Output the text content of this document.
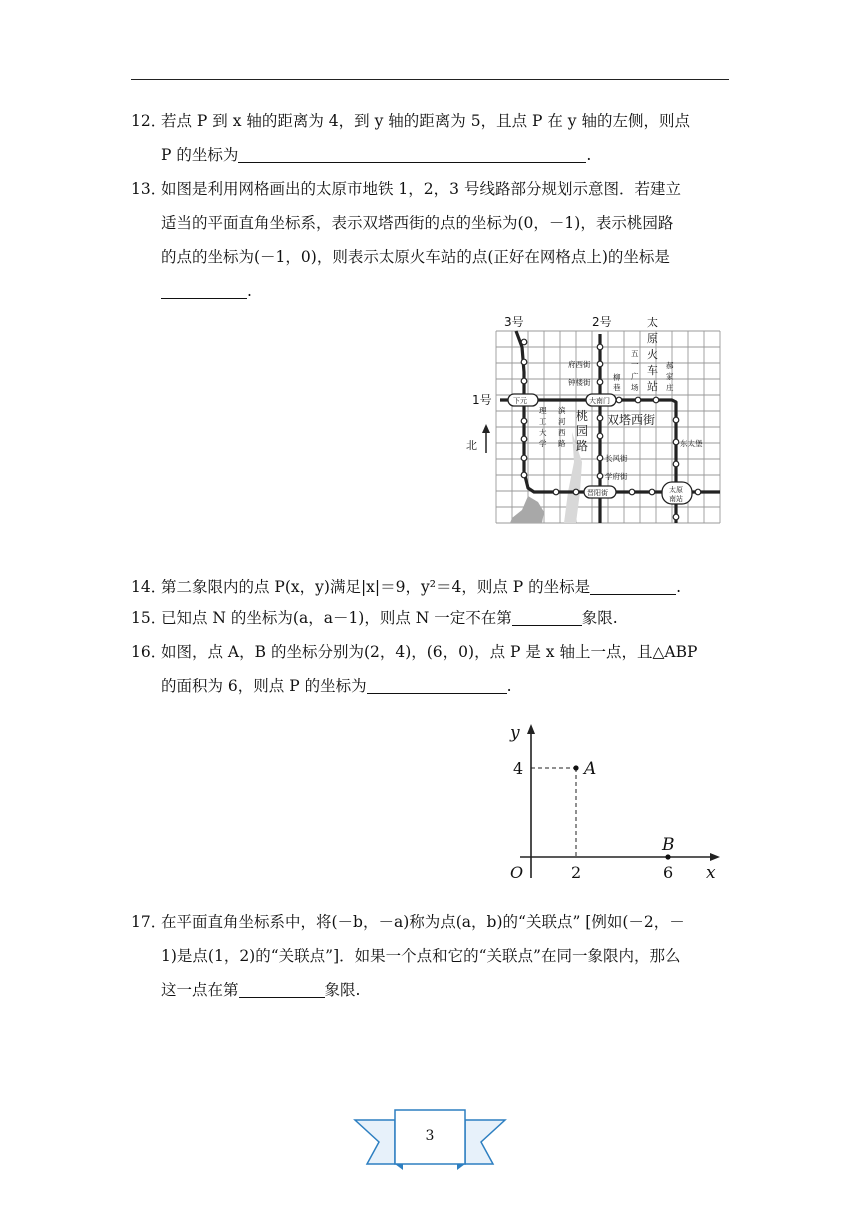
12．若点 P 到 x 轴的距离为 4，到 y 轴的距离为 5，且点 P 在 y 轴的左侧，则点
P 的坐标为	.
13．如图是利用网格画出的太原市地铁 1，2，3 号线路部分规划示意图．若建立
适当的平面直角坐标系，表示双塔西街的点的坐标为(0，－1)，表示桃园路
的点的坐标为(－1，0)，则表示太原火车站的点(正好在网格点上)的坐标是
.
3号	2号
1号
北
下元	大南门
晋阳街	太原
南站
府西街
钟楼街
双塔西街
东太堡
长风街
学府街
太
原
火
车
站
柳
巷
五
一
广
场
郝
家
庄
理
工
大
学
滨
河
西
路
桃
园
路
14．第二象限内的点 P(x，y)满足|x|＝9，y²＝4，则点 P 的坐标是	.
15．已知点 N 的坐标为(a，a－1)，则点 N 一定不在第	象限.
16．如图，点 A，B 的坐标分别为(2，4)，(6，0)，点 P 是 x 轴上一点，且△ABP
的面积为 6，则点 P 的坐标为	.
y
x
O	2	6
4	A
B
17．在平面直角坐标系中，将(－b，－a)称为点(a，b)的“关联点” [例如(－2，－
1)是点(1，2)的“关联点”]．如果一个点和它的“关联点”在同一象限内，那么
这一点在第	象限.
3
